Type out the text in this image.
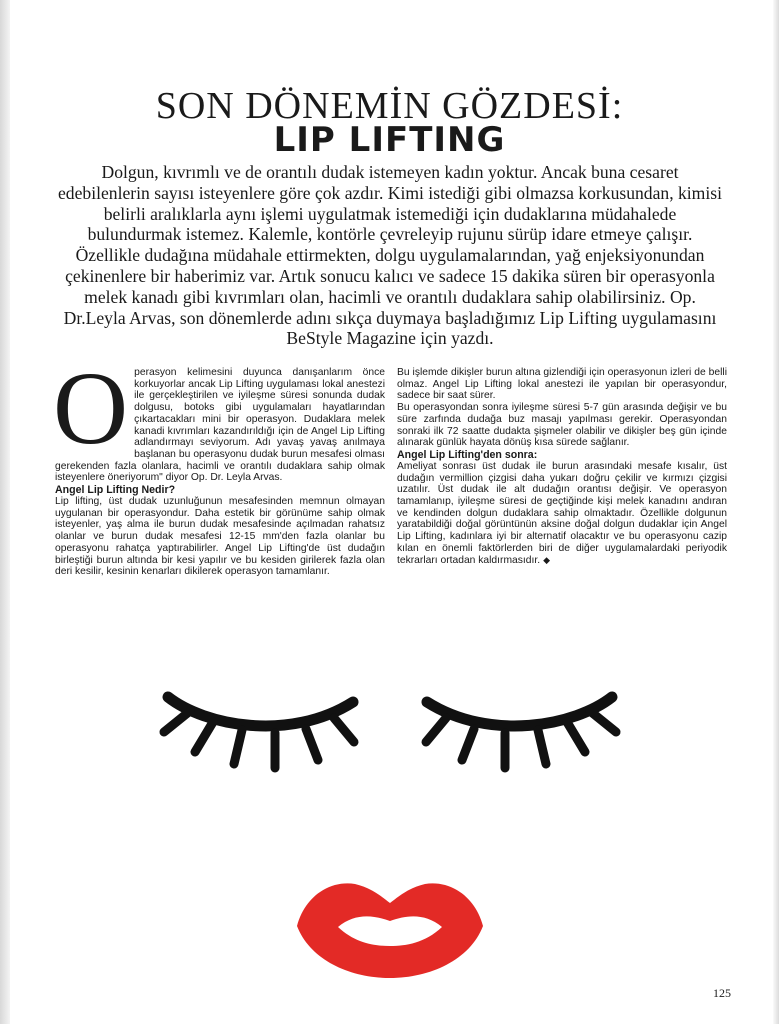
SON DÖNEMİN GÖZDESİ:
LIP LIFTING

Dolgun, kıvrımlı ve de orantılı dudak istemeyen kadın yoktur. Ancak buna cesaret edebilenlerin sayısı isteyenlere göre çok azdır. Kimi istediği gibi olmazsa korkusundan, kimisi belirli aralıklarla aynı işlemi uygulatmak istemediği için dudaklarına müdahalede bulundurmak istemez. Kalemle, kontörle çevreleyip rujunu sürüp idare etmeye çalışır. Özellikle dudağına müdahale ettirmekten, dolgu uygulamalarından, yağ enjeksiyonundan çekinenlere bir haberimiz var. Artık sonucu kalıcı ve sadece 15 dakika süren bir operasyonla melek kanadı gibi kıvrımları olan, hacimli ve orantılı dudaklara sahip olabilirsiniz. Op. Dr.Leyla Arvas, son dönemlerde adını sıkça duymaya başladığımız Lip Lifting uygulamasını BeStyle Magazine için yazdı.

O perasyon kelimesini duyunca danışanlarım önce korkuyorlar ancak Lip Lifting uygulaması lokal anestezi ile gerçekleştirilen ve iyileşme süresi sonunda dudak dolgusu, botoks gibi uygulamaları hayatlarından çıkartacakları mini bir operasyon. Dudaklara melek kanadi kıvrımları kazandırıldığı için de Angel Lip Lifting adlandırmayı seviyorum. Adı yavaş yavaş anılmaya başlanan bu operasyonu dudak burun mesafesi olması gerekenden fazla olanlara, hacimli ve orantılı dudaklara sahip olmak isteyenlere öneriyorum" diyor Op. Dr. Leyla Arvas.

Angel Lip Lifting Nedir?

Lip lifting, üst dudak uzunluğunun mesafesinden memnun olmayan uygulanan bir operasyondur. Daha estetik bir görünüme sahip olmak isteyenler, yaş alma ile burun dudak mesafesinde açılmadan rahatsız olanlar ve burun dudak mesafesi 12-15 mm'den fazla olanlar bu operasyonu rahatça yaptırabilirler. Angel Lip Lifting'de üst dudağın birleştiği burun altında bir kesi yapılır ve bu kesiden girilerek fazla olan deri kesilir, kesinin kenarları dikilerek operasyon tamamlanır.

Bu işlemde dikişler burun altına gizlendiği için operasyonun izleri de belli olmaz. Angel Lip Lifting lokal anestezi ile yapılan bir operasyondur, sadece bir saat sürer.

Bu operasyondan sonra iyileşme süresi 5-7 gün arasında değişir ve bu süre zarfında dudağa buz masajı yapılması gerekir. Operasyondan sonraki ilk 72 saatte dudakta şişmeler olabilir ve dikişler beş gün içinde alınarak günlük hayata dönüş kısa sürede sağlanır.

Angel Lip Lifting'den sonra:

Ameliyat sonrası üst dudak ile burun arasındaki mesafe kısalır, üst dudağın vermillion çizgisi daha yukarı doğru çekilir ve kırmızı çizgisi uzatılır. Üst dudak ile alt dudağın orantısı değişir. Ve operasyon tamamlanıp, iyileşme süresi de geçtiğinde kişi melek kanadını andıran ve kendinden dolgun dudaklara sahip olmaktadır. Özellikle dolgunun yaratabildiği doğal görüntünün aksine doğal dolgun dudaklar için Angel Lip Lifting, kadınlara iyi bir alternatif olacaktır ve bu operasyonu cazip kılan en önemli faktörlerden biri de diğer uygulamalardaki periyodik tekrarları ortadan kaldırmasıdır. ◆

125
